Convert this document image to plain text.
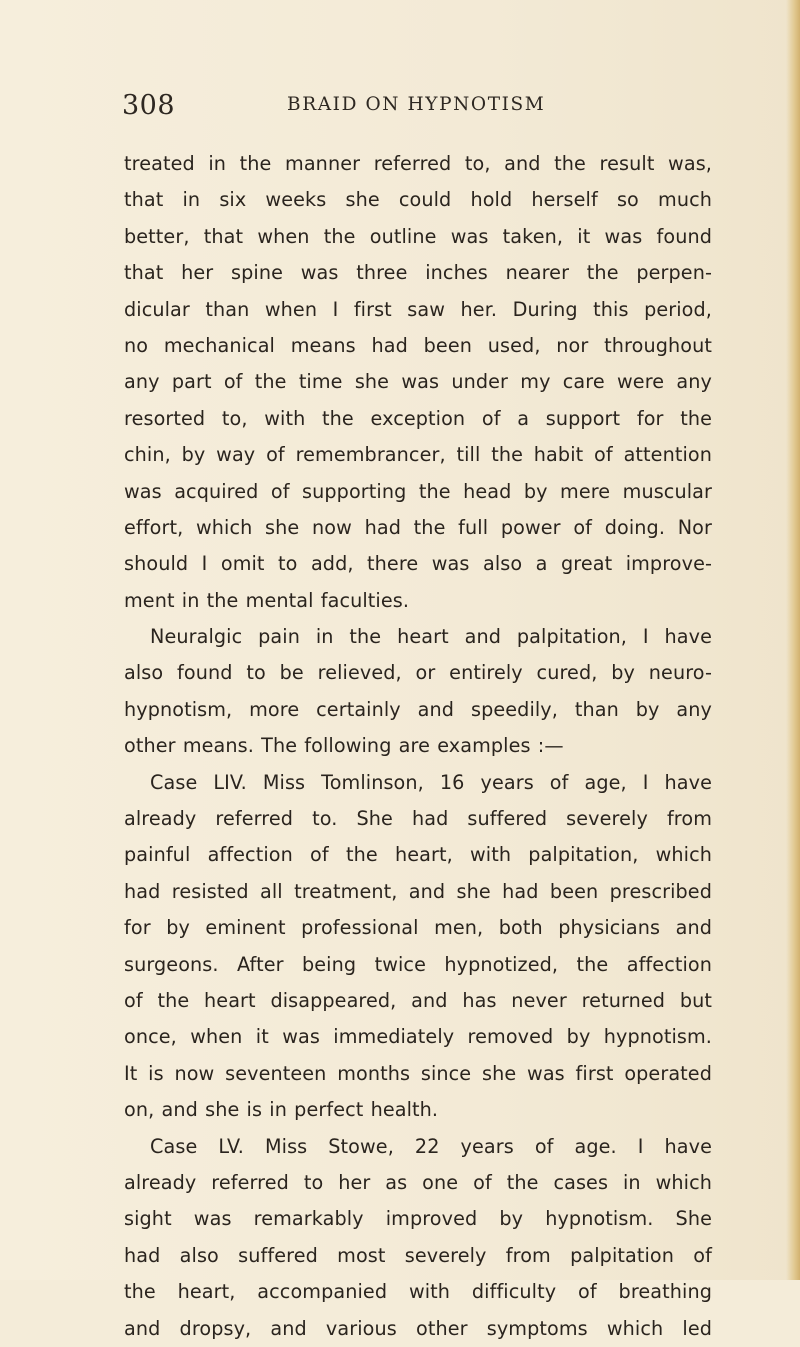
308	BRAID ON HYPNOTISM
treated in the manner referred to, and the result was,
that in six weeks she could hold herself so much
better, that when the outline was taken, it was found
that her spine was three inches nearer the perpen-
dicular than when I first saw her. During this period,
no mechanical means had been used, nor throughout
any part of the time she was under my care were any
resorted to, with the exception of a support for the
chin, by way of remembrancer, till the habit of attention
was acquired of supporting the head by mere muscular
effort, which she now had the full power of doing. Nor
should I omit to add, there was also a great improve-
ment in the mental faculties.
Neuralgic pain in the heart and palpitation, I have
also found to be relieved, or entirely cured, by neuro-
hypnotism, more certainly and speedily, than by any
other means. The following are examples :—
Case LIV. Miss Tomlinson, 16 years of age, I have
already referred to. She had suffered severely from
painful affection of the heart, with palpitation, which
had resisted all treatment, and she had been prescribed
for by eminent professional men, both physicians and
surgeons. After being twice hypnotized, the affection
of the heart disappeared, and has never returned but
once, when it was immediately removed by hypnotism.
It is now seventeen months since she was first operated
on, and she is in perfect health.
Case LV. Miss Stowe, 22 years of age. I have
already referred to her as one of the cases in which
sight was remarkably improved by hypnotism. She
had also suffered most severely from palpitation of
the heart, accompanied with difficulty of breathing
and dropsy, and various other symptoms which led
